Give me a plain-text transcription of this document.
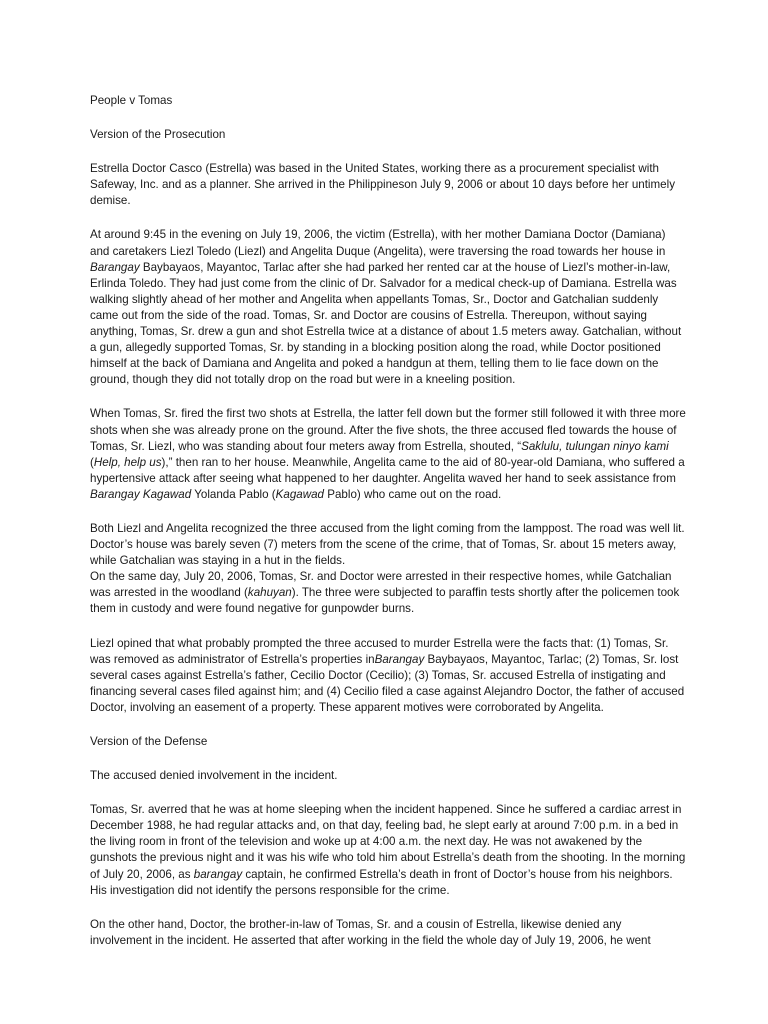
People v Tomas

Version of the Prosecution

Estrella Doctor Casco (Estrella) was based in the United States, working there as a procurement specialist with Safeway, Inc. and as a planner. She arrived in the Philippineson July 9, 2006 or about 10 days before her untimely demise.

At around 9:45 in the evening on July 19, 2006, the victim (Estrella), with her mother Damiana Doctor (Damiana) and caretakers Liezl Toledo (Liezl) and Angelita Duque (Angelita), were traversing the road towards her house in Barangay Baybayaos, Mayantoc, Tarlac after she had parked her rented car at the house of Liezl’s mother-in-law, Erlinda Toledo. They had just come from the clinic of Dr. Salvador for a medical check-up of Damiana. Estrella was walking slightly ahead of her mother and Angelita when appellants Tomas, Sr., Doctor and Gatchalian suddenly came out from the side of the road. Tomas, Sr. and Doctor are cousins of Estrella. Thereupon, without saying anything, Tomas, Sr. drew a gun and shot Estrella twice at a distance of about 1.5 meters away. Gatchalian, without a gun, allegedly supported Tomas, Sr. by standing in a blocking position along the road, while Doctor positioned himself at the back of Damiana and Angelita and poked a handgun at them, telling them to lie face down on the ground, though they did not totally drop on the road but were in a kneeling position.

When Tomas, Sr. fired the first two shots at Estrella, the latter fell down but the former still followed it with three more shots when she was already prone on the ground. After the five shots, the three accused fled towards the house of Tomas, Sr. Liezl, who was standing about four meters away from Estrella, shouted, “Saklulu, tulungan ninyo kami (Help, help us),” then ran to her house. Meanwhile, Angelita came to the aid of 80-year-old Damiana, who suffered a hypertensive attack after seeing what happened to her daughter. Angelita waved her hand to seek assistance from Barangay Kagawad Yolanda Pablo (Kagawad Pablo) who came out on the road.

Both Liezl and Angelita recognized the three accused from the light coming from the lamppost. The road was well lit. Doctor’s house was barely seven (7) meters from the scene of the crime, that of Tomas, Sr. about 15 meters away, while Gatchalian was staying in a hut in the fields.

On the same day, July 20, 2006, Tomas, Sr. and Doctor were arrested in their respective homes, while Gatchalian was arrested in the woodland (kahuyan). The three were subjected to paraffin tests shortly after the policemen took them in custody and were found negative for gunpowder burns.

Liezl opined that what probably prompted the three accused to murder Estrella were the facts that: (1) Tomas, Sr. was removed as administrator of Estrella’s properties inBarangay Baybayaos, Mayantoc, Tarlac; (2) Tomas, Sr. lost several cases against Estrella’s father, Cecilio Doctor (Cecilio); (3) Tomas, Sr. accused Estrella of instigating and financing several cases filed against him; and (4) Cecilio filed a case against Alejandro Doctor, the father of accused Doctor, involving an easement of a property. These apparent motives were corroborated by Angelita.

Version of the Defense

The accused denied involvement in the incident.

Tomas, Sr. averred that he was at home sleeping when the incident happened. Since he suffered a cardiac arrest in December 1988, he had regular attacks and, on that day, feeling bad, he slept early at around 7:00 p.m. in a bed in the living room in front of the television and woke up at 4:00 a.m. the next day. He was not awakened by the gunshots the previous night and it was his wife who told him about Estrella’s death from the shooting. In the morning of July 20, 2006, as barangay captain, he confirmed Estrella’s death in front of Doctor’s house from his neighbors. His investigation did not identify the persons responsible for the crime.

On the other hand, Doctor, the brother-in-law of Tomas, Sr. and a cousin of Estrella, likewise denied any involvement in the incident. He asserted that after working in the field the whole day of July 19, 2006, he went
